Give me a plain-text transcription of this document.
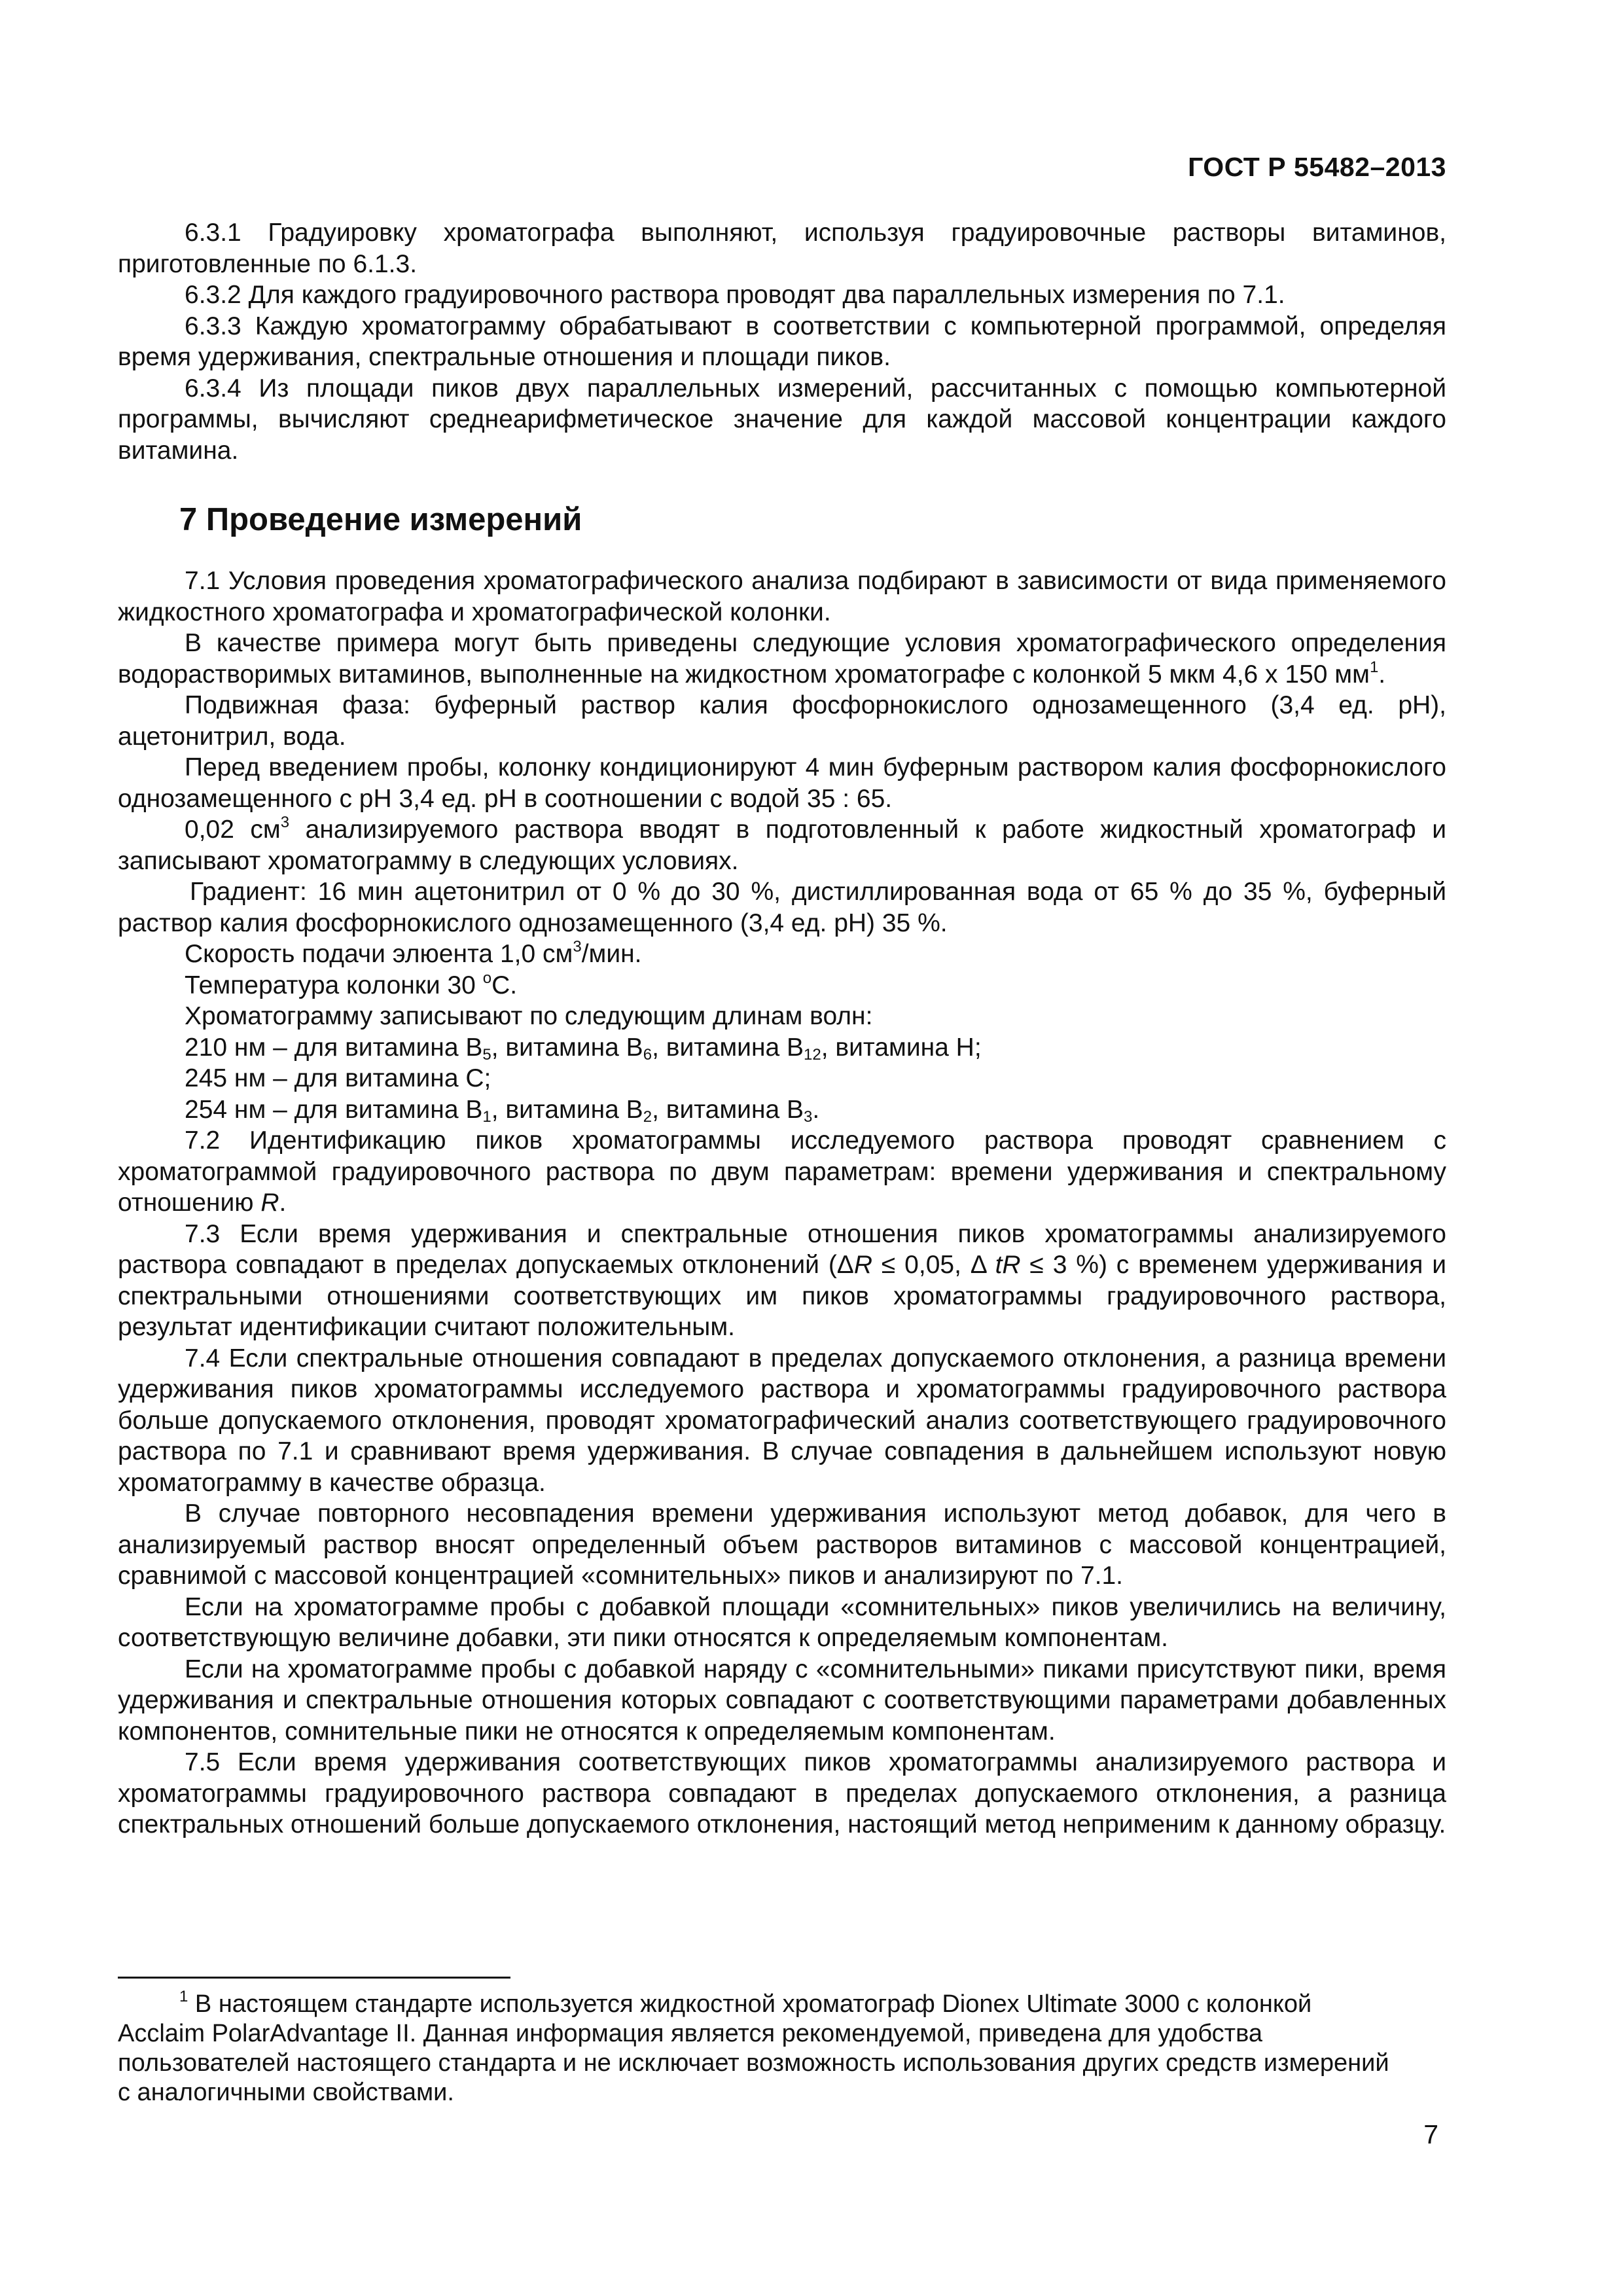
ГОСТ Р 55482–2013

6.3.1 Градуировку хроматографа выполняют, используя градуировочные растворы витаминов, приготовленные по 6.1.3.

6.3.2 Для каждого градуировочного раствора проводят два параллельных измерения по 7.1.

6.3.3 Каждую хроматограмму обрабатывают в соответствии с компьютерной программой, определяя время удерживания, спектральные отношения и площади пиков.

6.3.4 Из площади пиков двух параллельных измерений, рассчитанных с помощью компьютерной программы, вычисляют среднеарифметическое значение для каждой массовой концентрации каждого витамина.

7 Проведение измерений

7.1 Условия проведения хроматографического анализа подбирают в зависимости от вида применяемого жидкостного хроматографа и хроматографической колонки.

В качестве примера могут быть приведены следующие условия хроматографического определения водорастворимых витаминов, выполненные на жидкостном хроматографе с колонкой 5 мкм 4,6 х 150 $мм^1$.

Подвижная фаза: буферный раствор калия фосфорнокислого однозамещенного (3,4 ед. pH), ацетонитрил, вода.

Перед введением пробы, колонку кондиционируют 4 мин буферным раствором калия фосфорнокислого однозамещенного с pH 3,4 ед. pH в соотношении с водой 35 : 65.

0,02 $см^3$ анализируемого раствора вводят в подготовленный к работе жидкостный хроматограф и записывают хроматограмму в следующих условиях.

Градиент: 16 мин ацетонитрил от 0 % до 30 %, дистиллированная вода от 65 % до 35 %, буферный раствор калия фосфорнокислого однозамещенного (3,4 ед. pH) 35 %.

Скорость подачи элюента 1,0 $см^3$/мин.

Температура колонки 30 $^о$С.

Хроматограмму записывают по следующим длинам волн:

210 нм – для витамина $В_5$, витамина $В_6$, витамина $В_{12}$, витамина Н;

245 нм – для витамина С;

254 нм – для витамина $В_1$, витамина $В_2$, витамина $В_3$.

7.2 Идентификацию пиков хроматограммы исследуемого раствора проводят сравнением с хроматограммой градуировочного раствора по двум параметрам: времени удерживания и спектральному отношению R.

7.3 Если время удерживания и спектральные отношения пиков хроматограммы анализируемого раствора совпадают в пределах допускаемых отклонений (ΔR ≤ 0,05, Δ tR ≤ 3 %) с временем удерживания и спектральными отношениями соответствующих им пиков хроматограммы градуировочного раствора, результат идентификации считают положительным.

7.4 Если спектральные отношения совпадают в пределах допускаемого отклонения, а разница времени удерживания пиков хроматограммы исследуемого раствора и хроматограммы градуировочного раствора больше допускаемого отклонения, проводят хроматографический анализ соответствующего градуировочного раствора по 7.1 и сравнивают время удерживания. В случае совпадения в дальнейшем используют новую хроматограмму в качестве образца.

В случае повторного несовпадения времени удерживания используют метод добавок, для чего в анализируемый раствор вносят определенный объем растворов витаминов с массовой концентрацией, сравнимой с массовой концентрацией «сомнительных» пиков и анализируют по 7.1.

Если на хроматограмме пробы с добавкой площади «сомнительных» пиков увеличились на величину, соответствующую величине добавки, эти пики относятся к определяемым компонентам.

Если на хроматограмме пробы с добавкой наряду с «сомнительными» пиками присутствуют пики, время удерживания и спектральные отношения которых совпадают с соответствующими параметрами добавленных компонентов, сомнительные пики не относятся к определяемым компонентам.

7.5 Если время удерживания соответствующих пиков хроматограммы анализируемого раствора и хроматограммы градуировочного раствора совпадают в пределах допускаемого отклонения, а разница спектральных отношений больше допускаемого отклонения, настоящий метод неприменим к данному образцу.

$^1$ В настоящем стандарте используется жидкостной хроматограф Dionex Ultimate 3000 с колонкой Acclaim PolarAdvantage II. Данная информация является рекомендуемой, приведена для удобства пользователей настоящего стандарта и не исключает возможность использования других средств измерений с аналогичными свойствами.

7
